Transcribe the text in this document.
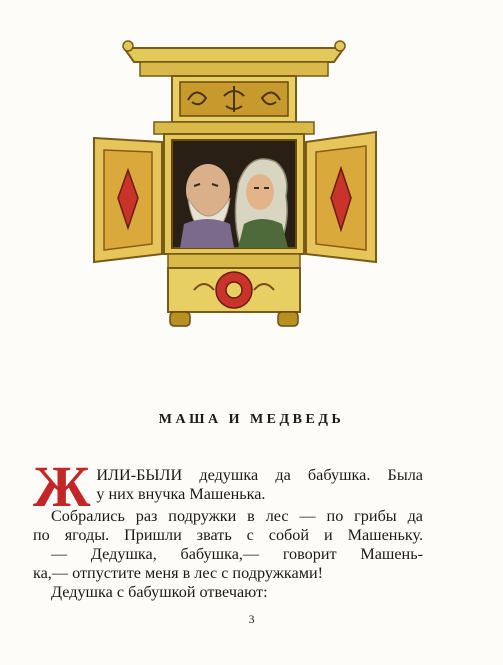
МАША И МЕДВЕДЬ
Ж ИЛИ-БЫЛИ дедушка да бабушка. Была
у них внучка Машенька.
Собрались раз подружки в лес — по грибы да
по ягоды. Пришли звать с собой и Машеньку.
— Дедушка, бабушка,— говорит Машень-
ка,— отпустите меня в лес с подружками!
Дедушка с бабушкой отвечают:
3
